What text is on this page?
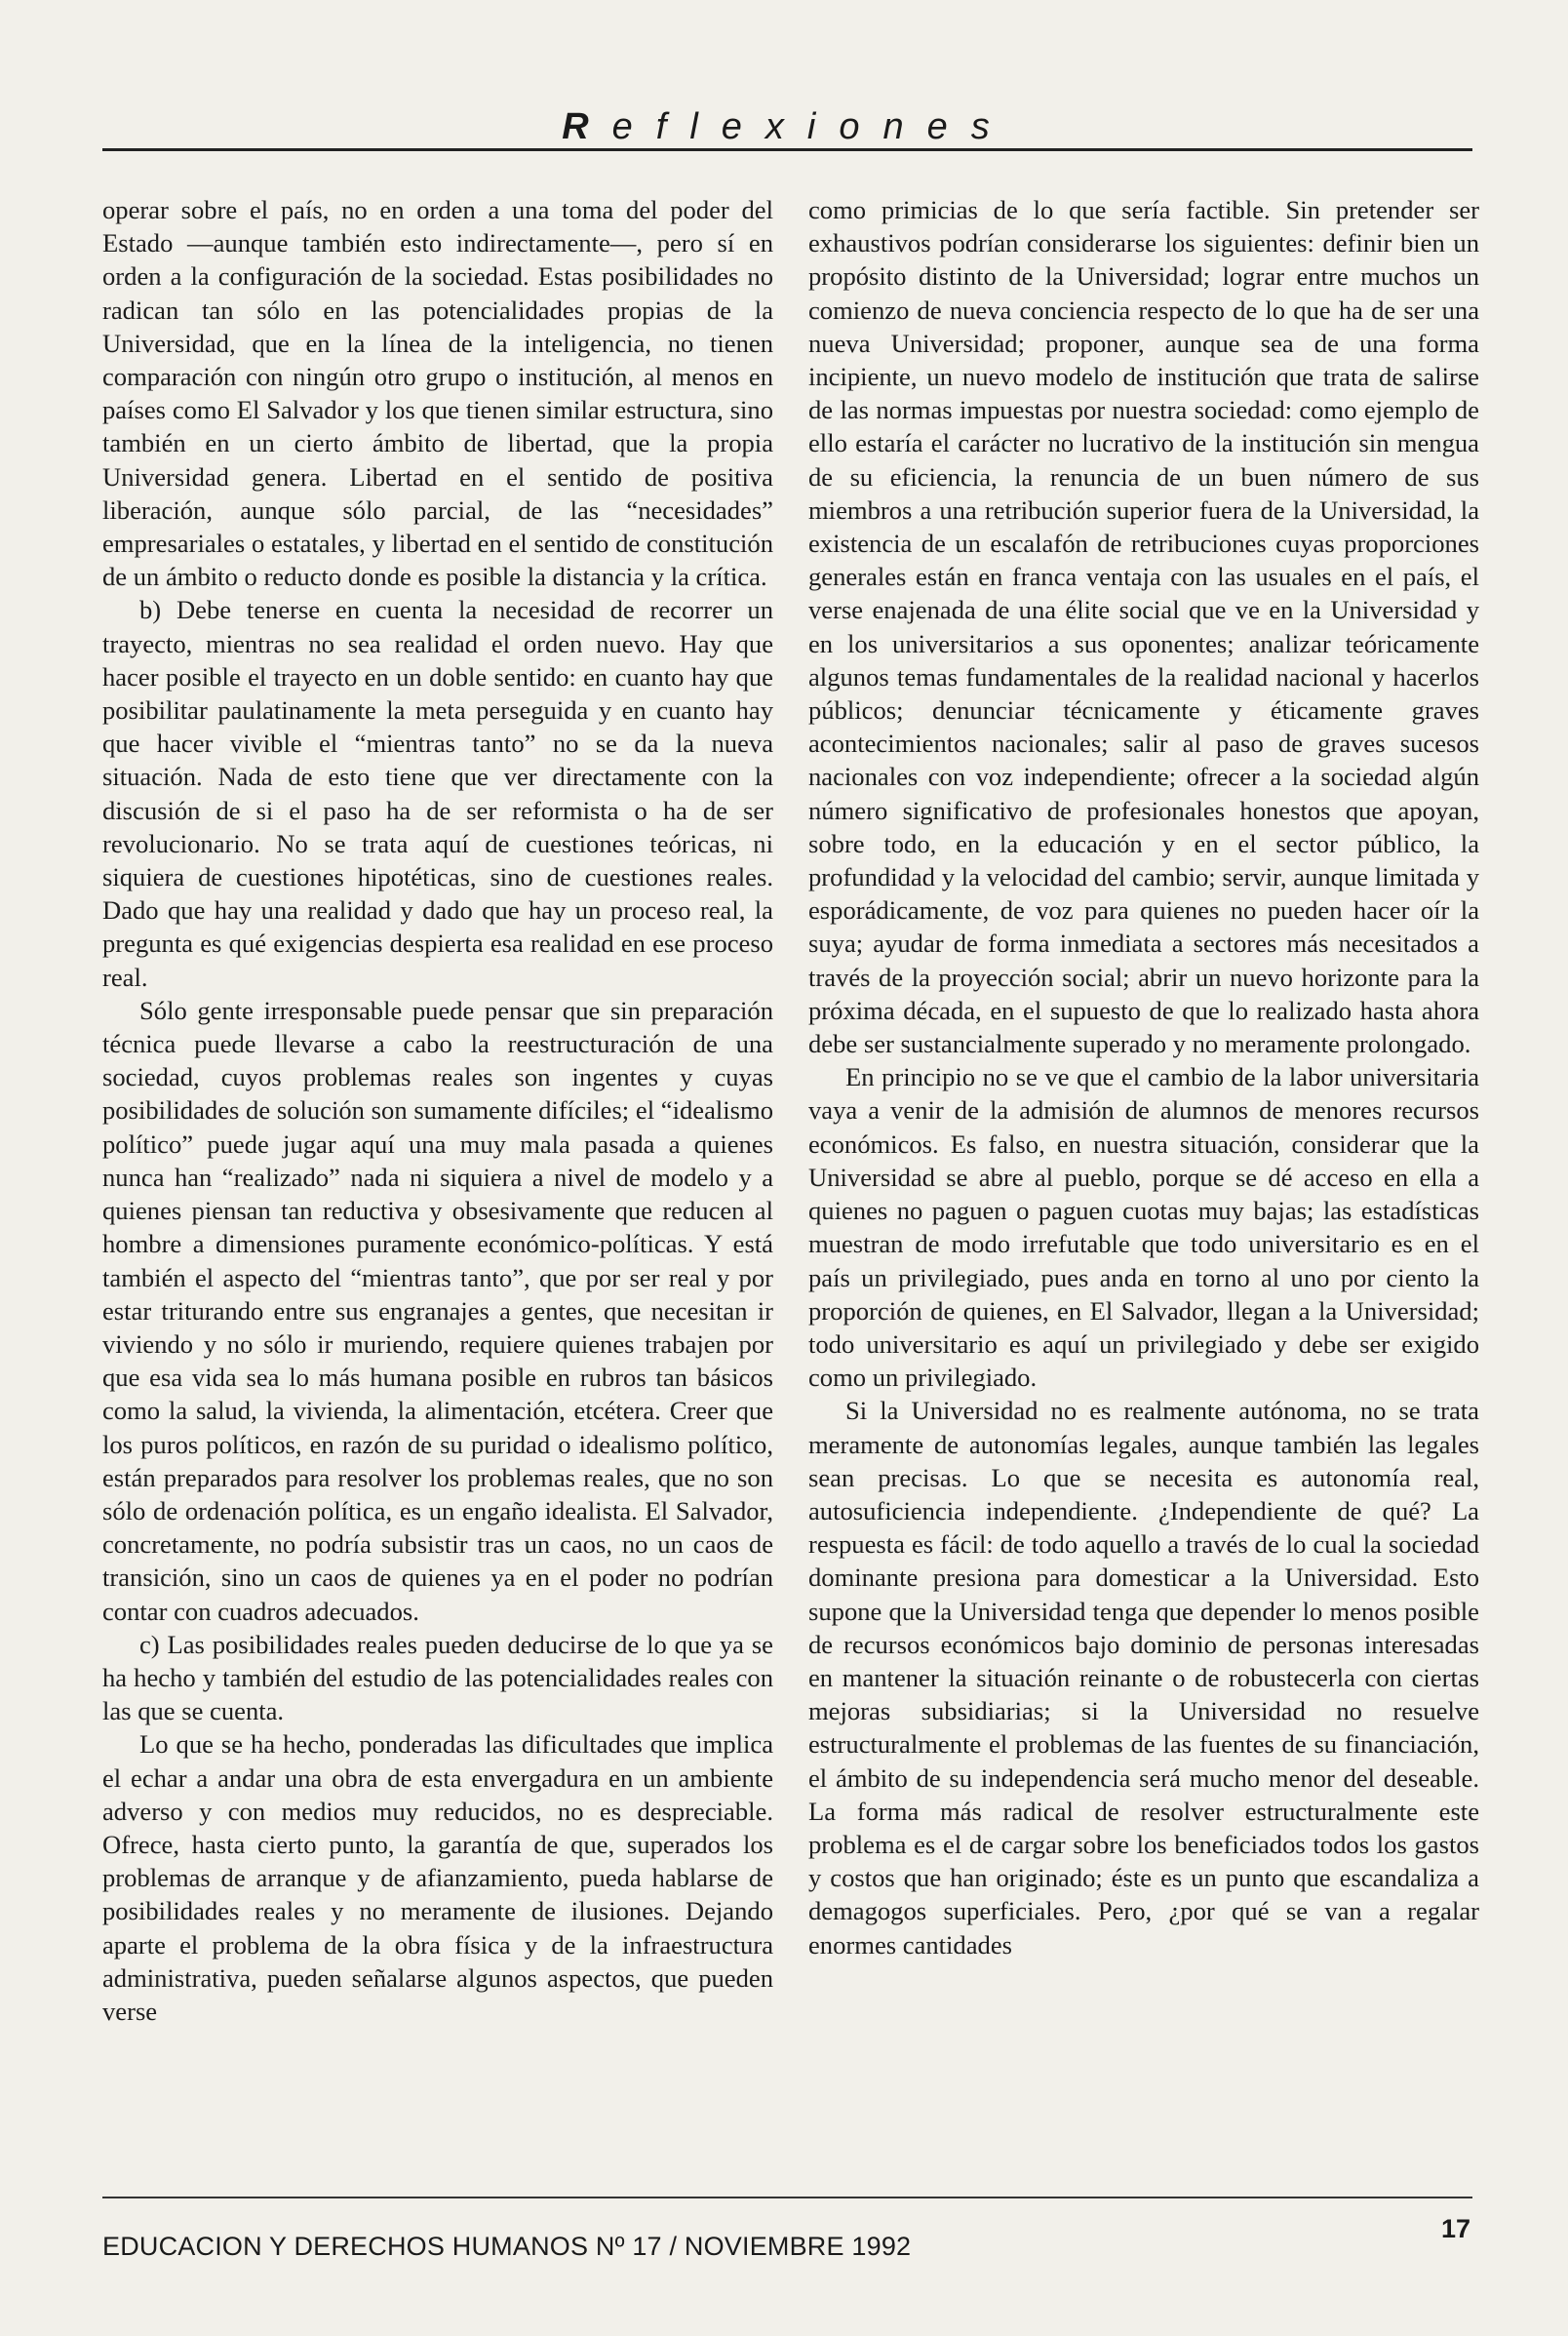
Reflexiones

operar sobre el país, no en orden a una toma del poder del Estado —aunque también esto indirectamente—, pero sí en orden a la configuración de la sociedad. Estas posibilidades no radican tan sólo en las potencialidades propias de la Universidad, que en la línea de la inteligencia, no tienen comparación con ningún otro grupo o institución, al menos en países como El Salvador y los que tienen similar estructura, sino también en un cierto ámbito de libertad, que la propia Universidad genera. Libertad en el sentido de positiva liberación, aunque sólo parcial, de las “necesidades” empresariales o estatales, y libertad en el sentido de constitución de un ámbito o reducto donde es posible la distancia y la crítica.

b) Debe tenerse en cuenta la necesidad de recorrer un trayecto, mientras no sea realidad el orden nuevo. Hay que hacer posible el trayecto en un doble sentido: en cuanto hay que posibilitar paulatinamente la meta perseguida y en cuanto hay que hacer vivible el “mientras tanto” no se da la nueva situación. Nada de esto tiene que ver directamente con la discusión de si el paso ha de ser reformista o ha de ser revolucionario. No se trata aquí de cuestiones teóricas, ni siquiera de cuestiones hipotéticas, sino de cuestiones reales. Dado que hay una realidad y dado que hay un proceso real, la pregunta es qué exigencias despierta esa realidad en ese proceso real.

Sólo gente irresponsable puede pensar que sin preparación técnica puede llevarse a cabo la reestructuración de una sociedad, cuyos problemas reales son ingentes y cuyas posibilidades de solución son sumamente difíciles; el “idealismo político” puede jugar aquí una muy mala pasada a quienes nunca han “realizado” nada ni siquiera a nivel de modelo y a quienes piensan tan reductiva y obsesivamente que reducen al hombre a dimensiones puramente económico-políticas. Y está también el aspecto del “mientras tanto”, que por ser real y por estar triturando entre sus engranajes a gentes, que necesitan ir viviendo y no sólo ir muriendo, requiere quienes trabajen por que esa vida sea lo más humana posible en rubros tan básicos como la salud, la vivienda, la alimentación, etcétera. Creer que los puros políticos, en razón de su puridad o idealismo político, están preparados para resolver los problemas reales, que no son sólo de ordenación política, es un engaño idealista. El Salvador, concretamente, no podría subsistir tras un caos, no un caos de transición, sino un caos de quienes ya en el poder no podrían contar con cuadros adecuados.

c) Las posibilidades reales pueden deducirse de lo que ya se ha hecho y también del estudio de las potencialidades reales con las que se cuenta.

Lo que se ha hecho, ponderadas las dificultades que implica el echar a andar una obra de esta envergadura en un ambiente adverso y con medios muy reducidos, no es despreciable. Ofrece, hasta cierto punto, la garantía de que, superados los problemas de arranque y de afianzamiento, pueda hablarse de posibilidades reales y no meramente de ilusiones. Dejando aparte el problema de la obra física y de la infraestructura administrativa, pueden señalarse algunos aspectos, que pueden verse

como primicias de lo que sería factible. Sin pretender ser exhaustivos podrían considerarse los siguientes: definir bien un propósito distinto de la Universidad; lograr entre muchos un comienzo de nueva conciencia respecto de lo que ha de ser una nueva Universidad; proponer, aunque sea de una forma incipiente, un nuevo modelo de institución que trata de salirse de las normas impuestas por nuestra sociedad: como ejemplo de ello estaría el carácter no lucrativo de la institución sin mengua de su eficiencia, la renuncia de un buen número de sus miembros a una retribución superior fuera de la Universidad, la existencia de un escalafón de retribuciones cuyas proporciones generales están en franca ventaja con las usuales en el país, el verse enajenada de una élite social que ve en la Universidad y en los universitarios a sus oponentes; analizar teóricamente algunos temas fundamentales de la realidad nacional y hacerlos públicos; denunciar técnicamente y éticamente graves acontecimientos nacionales; salir al paso de graves sucesos nacionales con voz independiente; ofrecer a la sociedad algún número significativo de profesionales honestos que apoyan, sobre todo, en la educación y en el sector público, la profundidad y la velocidad del cambio; servir, aunque limitada y esporádicamente, de voz para quienes no pueden hacer oír la suya; ayudar de forma inmediata a sectores más necesitados a través de la proyección social; abrir un nuevo horizonte para la próxima década, en el supuesto de que lo realizado hasta ahora debe ser sustancialmente superado y no meramente prolongado.

En principio no se ve que el cambio de la labor universitaria vaya a venir de la admisión de alumnos de menores recursos económicos. Es falso, en nuestra situación, considerar que la Universidad se abre al pueblo, porque se dé acceso en ella a quienes no paguen o paguen cuotas muy bajas; las estadísticas muestran de modo irrefutable que todo universitario es en el país un privilegiado, pues anda en torno al uno por ciento la proporción de quienes, en El Salvador, llegan a la Universidad; todo universitario es aquí un privilegiado y debe ser exigido como un privilegiado.

Si la Universidad no es realmente autónoma, no se trata meramente de autonomías legales, aunque también las legales sean precisas. Lo que se necesita es autonomía real, autosuficiencia independiente. ¿Independiente de qué? La respuesta es fácil: de todo aquello a través de lo cual la sociedad dominante presiona para domesticar a la Universidad. Esto supone que la Universidad tenga que depender lo menos posible de recursos económicos bajo dominio de personas interesadas en mantener la situación reinante o de robustecerla con ciertas mejoras subsidiarias; si la Universidad no resuelve estructuralmente el problemas de las fuentes de su financiación, el ámbito de su independencia será mucho menor del deseable. La forma más radical de resolver estructuralmente este problema es el de cargar sobre los beneficiados todos los gastos y costos que han originado; éste es un punto que escandaliza a demagogos superficiales. Pero, ¿por qué se van a regalar enormes cantidades

EDUCACION Y DERECHOS HUMANOS Nº 17 / NOVIEMBRE 1992
17
